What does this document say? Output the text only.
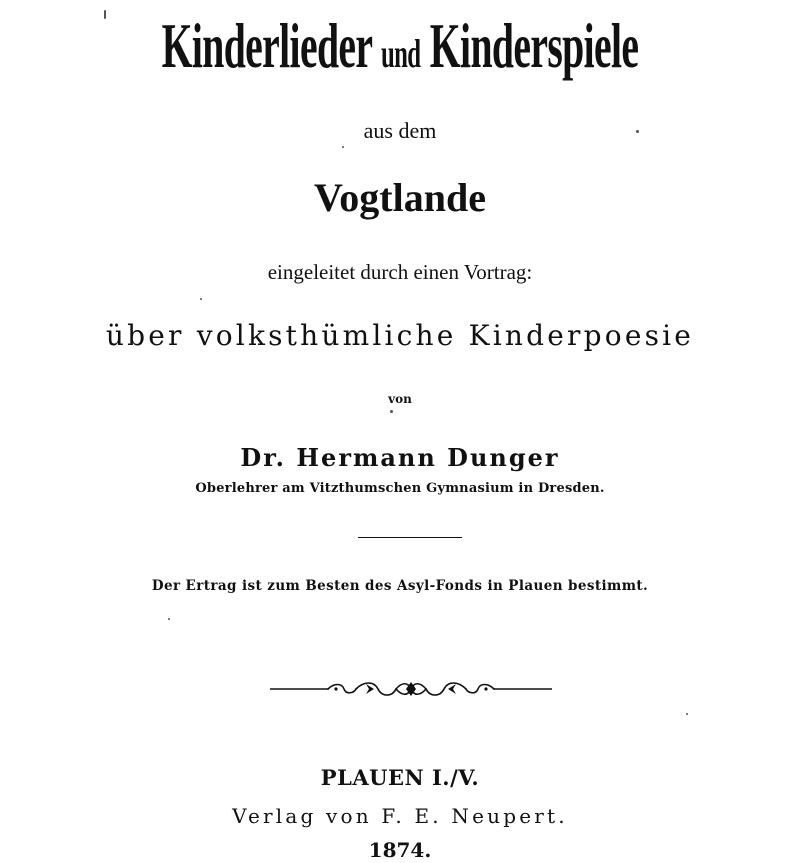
Kinderlieder und Kinderspiele
aus dem
Vogtlande
eingeleitet durch einen Vortrag:
über volksthümliche Kinderpoesie
von
Dr. Hermann Dunger
Oberlehrer am Vitzthumschen Gymnasium in Dresden.
Der Ertrag ist zum Besten des Asyl-Fonds in Plauen bestimmt.
PLAUEN I./V.
Verlag von F. E. Neupert.
1874.
